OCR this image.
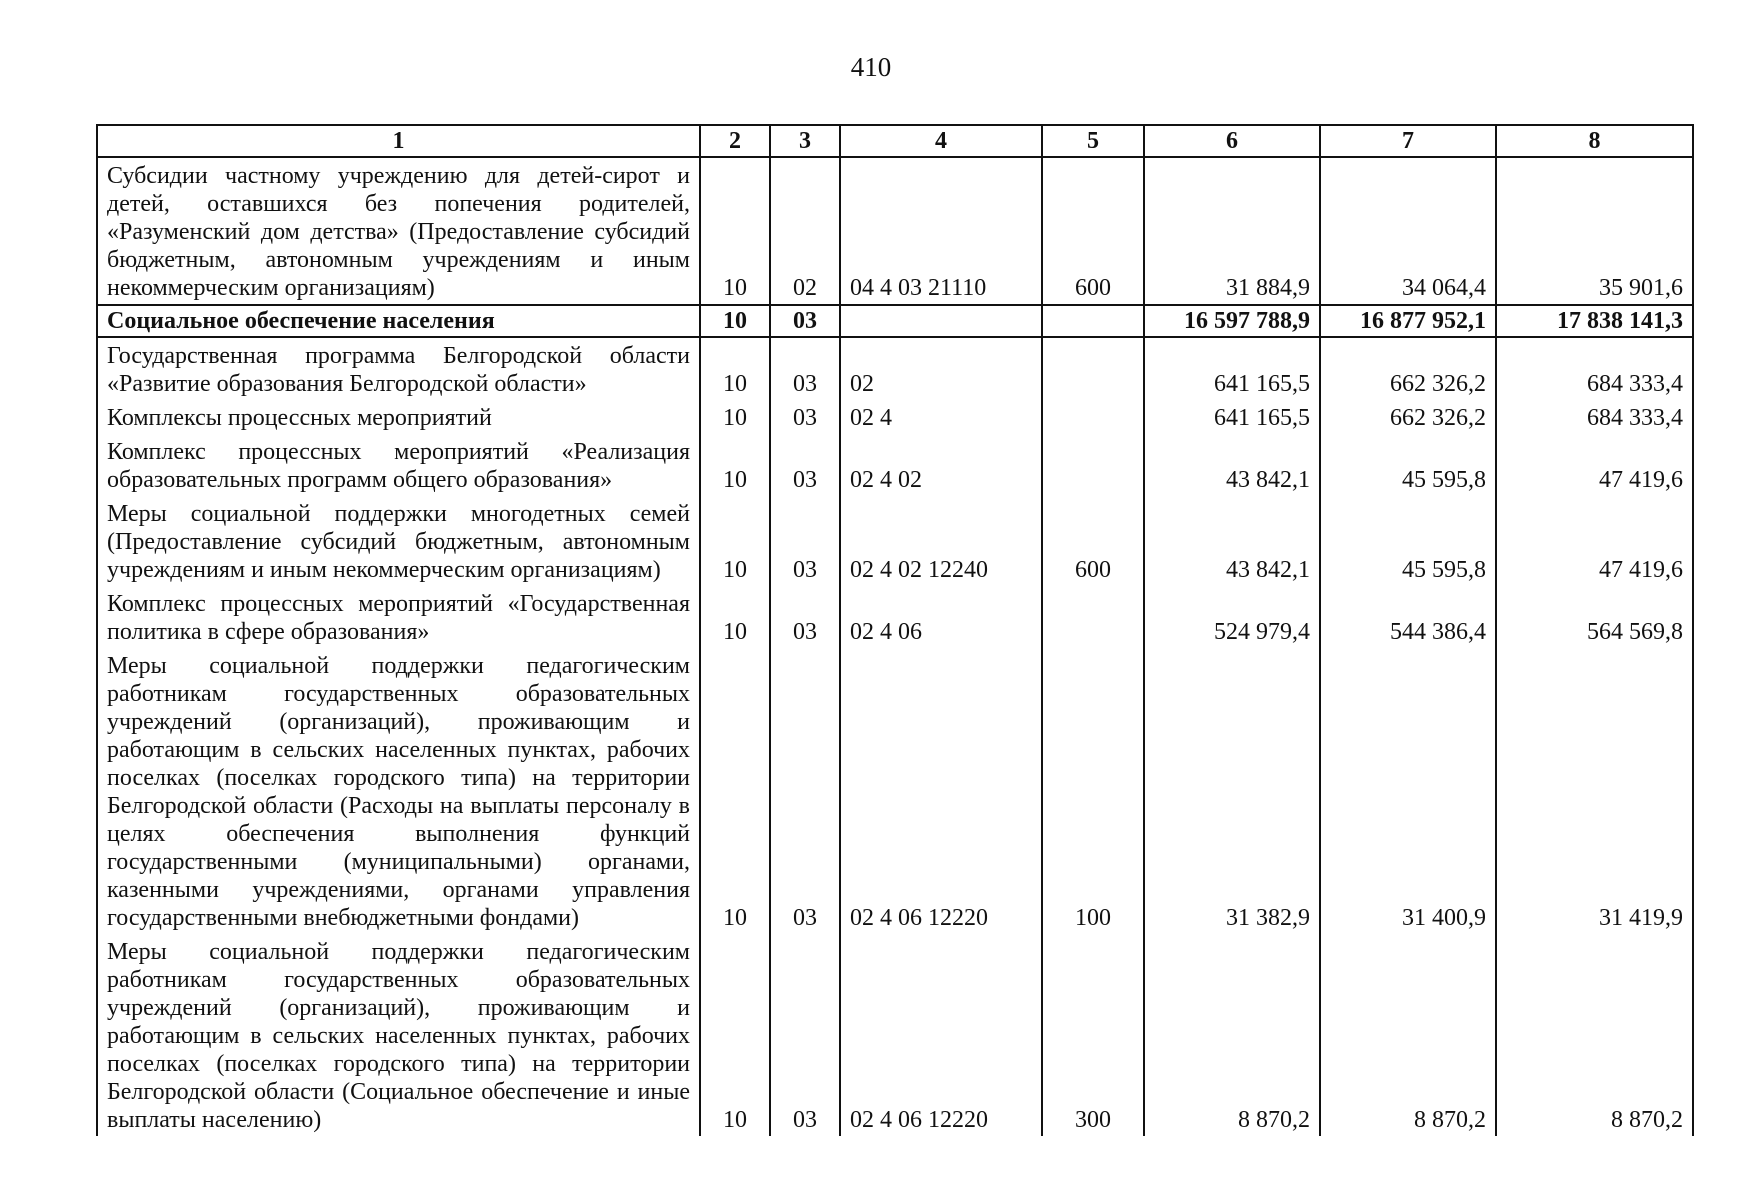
410
1	2	3	4	5	6	7	8
Субсидии частному учреждению для детей-сирот и детей, оставшихся без попечения родителей, «Разуменский дом детства» (Предоставление субсидий бюджетным, автономным учреждениям и иным некоммерческим организациям)	10	02	04 4 03 21110	600	31 884,9	34 064,4	35 901,6
Социальное обеспечение населения	10	03			16 597 788,9	16 877 952,1	17 838 141,3
Государственная программа Белгородской области «Развитие образования Белгородской области»	10	03	02		641 165,5	662 326,2	684 333,4
Комплексы процессных мероприятий	10	03	02 4		641 165,5	662 326,2	684 333,4
Комплекс процессных мероприятий «Реализация образовательных программ общего образования»	10	03	02 4 02		43 842,1	45 595,8	47 419,6
Меры социальной поддержки многодетных семей (Предоставление субсидий бюджетным, автономным учреждениям и иным некоммерческим организациям)	10	03	02 4 02 12240	600	43 842,1	45 595,8	47 419,6
Комплекс процессных мероприятий «Государственная политика в сфере образования»	10	03	02 4 06		524 979,4	544 386,4	564 569,8
Меры социальной поддержки педагогическим работникам государственных образовательных учреждений (организаций), проживающим и работающим в сельских населенных пунктах, рабочих поселках (поселках городского типа) на территории Белгородской области (Расходы на выплаты персоналу в целях обеспечения выполнения функций государственными (муниципальными) органами, казенными учреждениями, органами управления государственными внебюджетными фондами)	10	03	02 4 06 12220	100	31 382,9	31 400,9	31 419,9
Меры социальной поддержки педагогическим работникам государственных образовательных учреждений (организаций), проживающим и работающим в сельских населенных пунктах, рабочих поселках (поселках городского типа) на территории Белгородской области (Социальное обеспечение и иные выплаты населению)	10	03	02 4 06 12220	300	8 870,2	8 870,2	8 870,2
